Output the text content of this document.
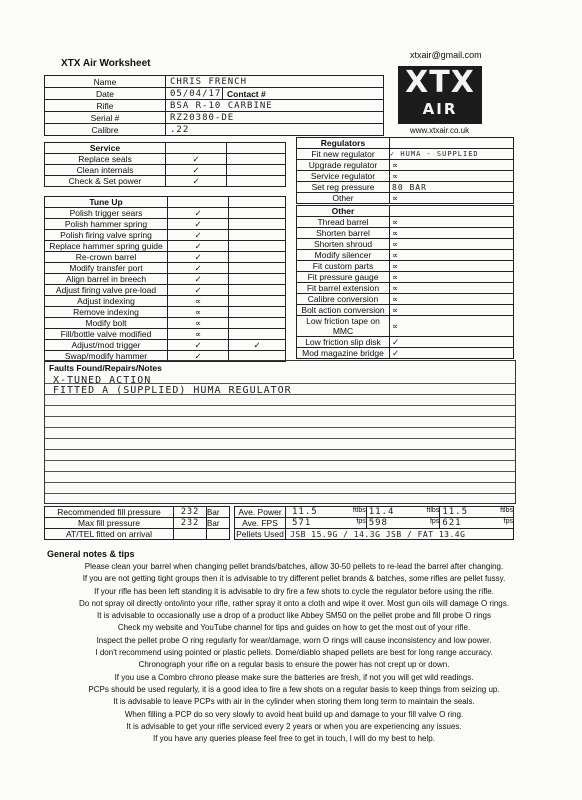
XTX Air Worksheet
xtxair@gmail.com
XTX
AIR
www.xtxair.co.uk
Name	CHRIS FRENCH	
Date	05/04/17	Contact #
Rifle	BSA R-10 CARBINE	
Serial #	RZ20380-DE	
Calibre	.22	
Service		
Replace seals	✓	
Clean internals	✓	
Check & Set power	✓	
Regulators	
Fit new regulator	✓ HUMA - SUPPLIED
Upgrade regulator	∝
Service regulator	∝
Set reg pressure	80 BAR
Other	∝
Tune Up		
Polish trigger sears	✓	
Polish hammer spring	✓	
Polish firing valve spring	✓	
Replace hammer spring guide	✓	
Re-crown barrel	✓	
Modify transfer port	✓	
Align barrel in breech	✓	
Adjust firing valve pre-load	✓	
Adjust indexing	∝	
Remove indexing	∝	
Modify bolt	∝	
Fill/bottle valve modified	∝	
Adjust/mod trigger	✓	✓
Swap/modify hammer	✓	
Other	
Thread barrel	∝
Shorten barrel	∝
Shorten shroud	∝
Modify silencer	∝
Fit custom parts	∝
Fit pressure gauge	∝
Fit barrel extension	∝
Calibre conversion	∝
Bolt action conversion	∝
Low friction tape on MMC	∝
Low friction slip disk	✓
Mod magazine bridge	✓
Faults Found/Repairs/Notes
X-TUNED ACTION
FITTED A (SUPPLIED) HUMA REGULATOR
Recommended fill pressure	232	Bar
Max fill pressure	232	Bar
AT/TEL fitted on arrival		
Ave. Power	11.5 ftlbs	11.4 ftlbs	11.5 ftlbs

Ave. FPS	571 fps	598 fps	621 fps

Pellets Used	JSB 15.9G / 14.3G JSB / FAT 13.4G		
General notes & tips

Please clean your barrel when changing pellet brands/batches, allow 30-50 pellets to re-lead the barrel after changing.

If you are not getting tight groups then it is advisable to try different pellet brands & batches, some rifles are pellet fussy.

If your rifle has been left standing it is advisable to dry fire a few shots to cycle the regulator before using the rifle.

Do not spray oil directly onto/into your rifle, rather spray it onto a cloth and wipe it over. Most gun oils will damage O rings.

It is advisable to occasionally use a drop of a product like Abbey SM50 on the pellet probe and fill probe O rings

Check my website and YouTube channel for tips and guides on how to get the most out of your rifle.

Inspect the pellet probe O ring regularly for wear/damage, worn O rings will cause inconsistency and low power.

I don't recommend using pointed or plastic pellets. Dome/diablo shaped pellets are best for long range accuracy.

Chronograph your rifle on a regular basis to ensure the power has not crept up or down.

If you use a Combro chrono please make sure the batteries are fresh, if not you will get wild readings.

PCPs should be used regularly, it is a good idea to fire a few shots on a regular basis to keep things from seizing up.

It is advisable to leave PCPs with air in the cylinder when storing them long term to maintain the seals.

When filling a PCP do so very slowly to avoid heat build up and damage to your fill valve O ring.

It is advisable to get your rifle serviced every 2 years or when you are experiencing any issues.

If you have any queries please feel free to get in touch, I will do my best to help.
